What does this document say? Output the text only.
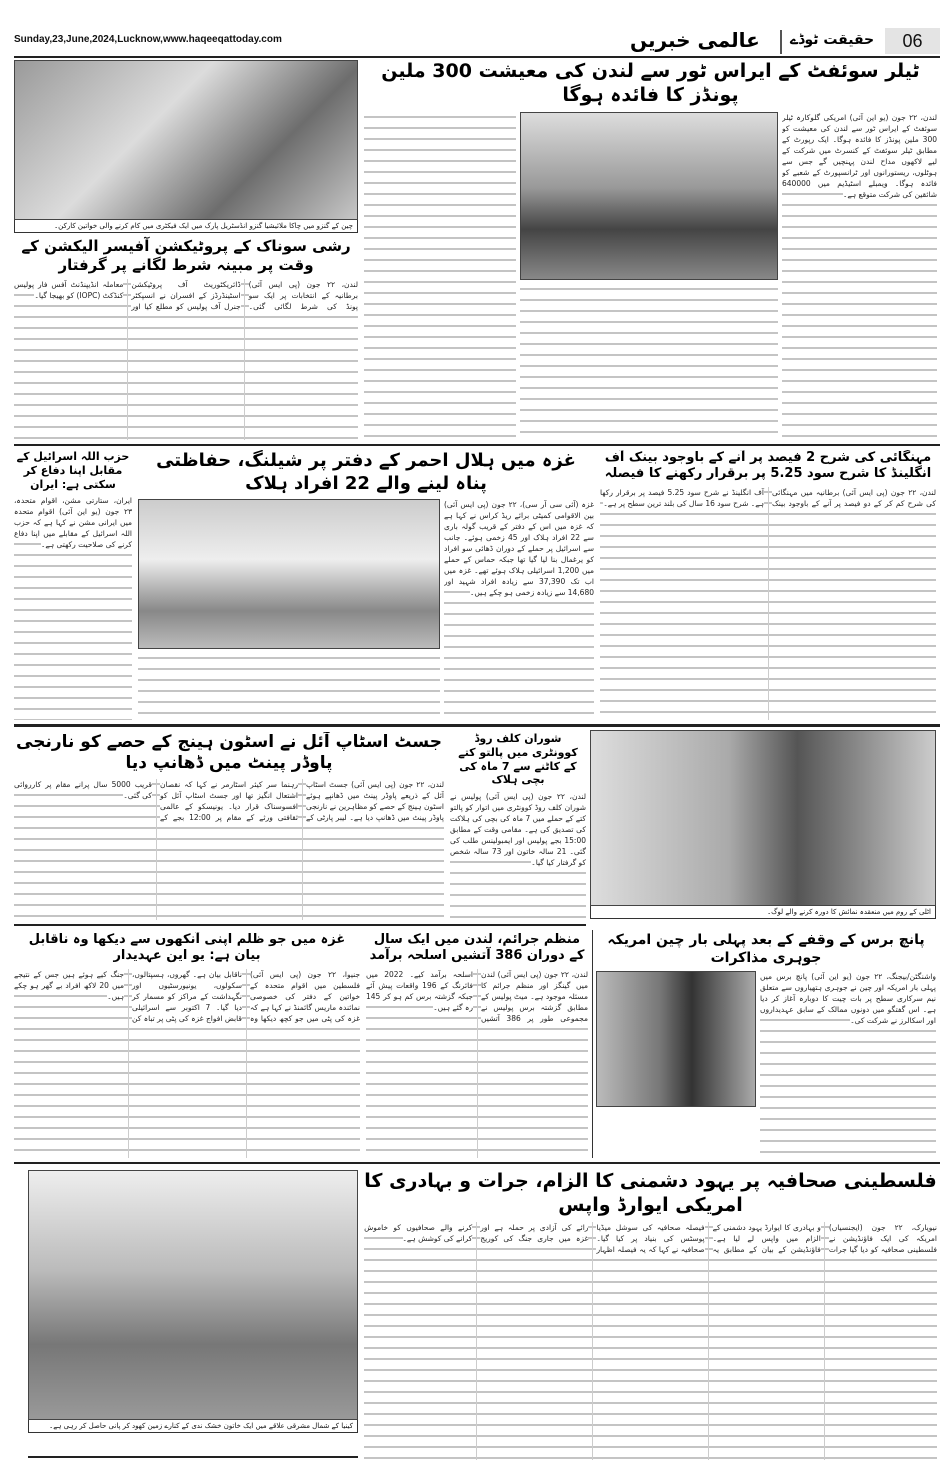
Sunday,23,June,2024,Lucknow,www.haqeeqattoday.com	عالمی خبریں حقیقت ٹوڈے	06
چین کے گنزو میں چاکا ملائیشیا گنزو انڈسٹریل پارک میں ایک فیکٹری میں کام کرنے والی خواتین کارکن۔
رشی سوناک کے پروٹیکشن آفیسر الیکشن کے وقت پر مبینہ شرط لگانے پر گرفتار
لندن، ۲۲ جون (پی ایس آئی) برطانیہ کے انتخابات پر ایک سو پونڈ کی شرط لگائی گئی۔ ڈائریکٹوریٹ آف پروٹیکشن اسٹینڈرڈز کے افسران نے انسپکٹر جنرل آف پولیس کو مطلع کیا اور معاملہ انڈیپنڈنٹ آفس فار پولیس کنڈکٹ (IOPC) کو بھیجا گیا۔
ٹیلر سوئفٹ کے ایراس ٹور سے لندن کی معیشت 300 ملین پونڈز کا فائدہ ہوگا
لندن، ۲۲ جون (یو این آئی) امریکی گلوکارہ ٹیلر سوئفٹ کے ایراس ٹور سے لندن کی معیشت کو 300 ملین پونڈز کا فائدہ ہوگا۔ ایک رپورٹ کے مطابق ٹیلر سوئفٹ کے کنسرٹ میں شرکت کے لیے لاکھوں مداح لندن پہنچیں گے جس سے ہوٹلوں، ریستورانوں اور ٹرانسپورٹ کے شعبے کو فائدہ ہوگا۔ ویمبلے اسٹیڈیم میں 640000 شائقین کی شرکت متوقع ہے۔
حزب اللہ اسرائیل کے مقابل اپنا دفاع کر سکتی ہے: ایران
ایران، ستارتی مشن، اقوام متحدہ، ۲۳ جون (یو این آئی) اقوام متحدہ میں ایرانی مشن نے کہا ہے کہ حزب اللہ اسرائیل کے مقابلے میں اپنا دفاع کرنے کی صلاحیت رکھتی ہے۔
غزہ میں ہلال احمر کے دفتر پر شیلنگ، حفاظتی پناہ لینے والے 22 افراد ہلاک
غزہ (آئی سی آر سی)، ۲۲ جون (پی ایس آئی) بین الاقوامی کمیٹی برائے ریڈ کراس نے کہا ہے کہ غزہ میں اس کے دفتر کے قریب گولہ باری سے 22 افراد ہلاک اور 45 زخمی ہوئے۔ جانب سے اسرائیل پر حملے کے دوران ڈھائی سو افراد کو یرغمال بنا لیا گیا تھا جبکہ حماس کے حملے میں 1,200 اسرائیلی ہلاک ہوئے تھے۔ غزہ میں اب تک 37,390 سے زیادہ افراد شہید اور 14,680 سے زیادہ زخمی ہو چکے ہیں۔
مہنگائی کی شرح 2 فیصد پر آنے کے باوجود بینک آف انگلینڈ کا شرح سود 5.25 پر برقرار رکھنے کا فیصلہ
لندن، ۲۲ جون (پی ایس آئی) برطانیہ میں مہنگائی کی شرح کم کر کے دو فیصد پر آنے کے باوجود بینک آف انگلینڈ نے شرح سود 5.25 فیصد پر برقرار رکھا ہے۔ شرح سود 16 سال کی بلند ترین سطح پر ہے۔
جسٹ اسٹاپ آئل نے اسٹون ہینج کے حصے کو نارنجی پاوڈر پینٹ میں ڈھانپ دیا
لندن، ۲۲ جون (پی ایس آئی) جسٹ اسٹاپ آئل کے ذریعے پاوڈر پینٹ میں ڈھانپے ہوئے اسٹون ہینج کے حصے کو مظاہرین نے نارنجی پاوڈر پینٹ میں ڈھانپ دیا ہے۔ لیبر پارٹی کے رہنما سر کیئر اسٹارمر نے کہا کہ نقصان اشتعال انگیز تھا اور جسٹ اسٹاپ آئل کو افسوسناک قرار دیا۔ یونیسکو کے عالمی ثقافتی ورثے کے مقام پر 12:00 بجے کے قریب 5000 سال پرانے مقام پر کارروائی کی گئی۔
شوران کلف روڈ کوونٹری میں پالتو کتے کے کاٹنے سے 7 ماہ کی بچی ہلاک
لندن، ۲۲ جون (پی ایس آئی) پولیس نے شوران کلف روڈ کوونٹری میں اتوار کو پالتو کتے کے حملے میں 7 ماہ کی بچی کی ہلاکت کی تصدیق کی ہے۔ مقامی وقت کے مطابق 15:00 بجے پولیس اور ایمبولینس طلب کی گئی۔ 21 سالہ خاتون اور 73 سالہ شخص کو گرفتار کیا گیا۔
اٹلی کے روم میں منعقدہ نمائش کا دورہ کرنے والے لوگ۔
پانچ برس کے وقفے کے بعد پہلی بار چین امریکہ جوہری مذاکرات
واشنگٹن/بیجنگ، ۲۲ جون (یو این آئی) پانچ برس میں پہلی بار امریکہ اور چین نے جوہری ہتھیاروں سے متعلق نیم سرکاری سطح پر بات چیت کا دوبارہ آغاز کر دیا ہے۔ اس گفتگو میں دونوں ممالک کے سابق عہدیداروں اور اسکالرز نے شرکت کی۔
غزہ میں جو ظلم اپنی آنکھوں سے دیکھا وہ ناقابل بیان ہے: یو این عہدیدار
جنیوا، ۲۲ جون (پی ایس آئی) فلسطین میں اقوام متحدہ کے خواتین کے دفتر کی خصوصی نمائندہ ماریس گائمنڈ نے کہا ہے کہ غزہ کی پٹی میں جو کچھ دیکھا وہ ناقابل بیان ہے۔ گھروں، ہسپتالوں، سکولوں، یونیورسٹیوں اور نگہداشت کے مراکز کو مسمار کر دیا گیا۔ 7 اکتوبر سے اسرائیلی قابض افواج غزہ کی پٹی پر تباہ کن جنگ کیے ہوئے ہیں جس کے نتیجے میں 20 لاکھ افراد بے گھر ہو چکے ہیں۔
منظم جرائم، لندن میں ایک سال کے دوران 386 آتشیں اسلحہ برآمد
لندن، ۲۲ جون (پی ایس آئی) لندن میں گینگز اور منظم جرائم کا مسئلہ موجود ہے۔ میٹ پولیس کے مطابق گزشتہ برس پولیس نے مجموعی طور پر 386 آتشیں اسلحہ برآمد کیے۔ 2022 میں فائرنگ کے 196 واقعات پیش آئے جبکہ گزشتہ برس کم ہو کر 145 رہ گئے ہیں۔
کینیا کے شمال مشرقی علاقے میں ایک خاتون خشک ندی کے کنارے زمین کھود کر پانی حاصل کر رہی ہے۔
فلسطینی صحافیہ پر یہود دشمنی کا الزام، جرات و بہادری کا امریکی ایوارڈ واپس
نیویارک، ۲۲ جون (ایجنسیاں) امریکہ کی ایک فاؤنڈیشن نے فلسطینی صحافیہ کو دیا گیا جرات و بہادری کا ایوارڈ یہود دشمنی کے الزام میں واپس لے لیا ہے۔ فاؤنڈیشن کے بیان کے مطابق یہ فیصلہ صحافیہ کی سوشل میڈیا پوسٹس کی بنیاد پر کیا گیا۔ صحافیہ نے کہا کہ یہ فیصلہ اظہار رائے کی آزادی پر حملہ ہے اور غزہ میں جاری جنگ کی کوریج کرنے والے صحافیوں کو خاموش کرانے کی کوشش ہے۔
